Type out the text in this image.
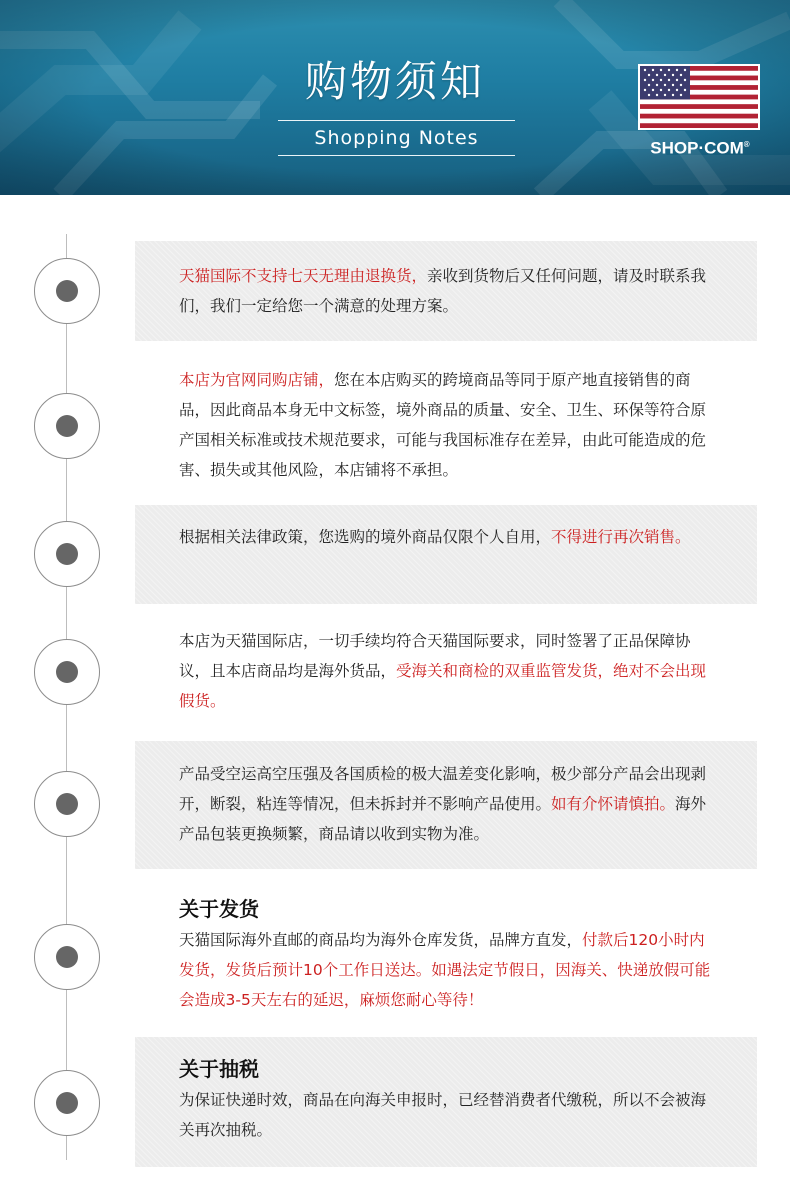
购物须知
Shopping Notes	SHOP·COM®

天猫国际不支持七天无理由退换货，亲收到货物后又任何问题，请及时联系我们，我们一定给您一个满意的处理方案。

本店为官网同购店铺，您在本店购买的跨境商品等同于原产地直接销售的商品，因此商品本身无中文标签，境外商品的质量、安全、卫生、环保等符合原产国相关标准或技术规范要求，可能与我国标准存在差异，由此可能造成的危害、损失或其他风险，本店铺将不承担。

根据相关法律政策，您选购的境外商品仅限个人自用，不得进行再次销售。

本店为天猫国际店，一切手续均符合天猫国际要求，同时签署了正品保障协议，且本店商品均是海外货品，受海关和商检的双重监管发货，绝对不会出现假货。

产品受空运高空压强及各国质检的极大温差变化影响，极少部分产品会出现剥开，断裂，粘连等情况，但未拆封并不影响产品使用。如有介怀请慎拍。海外产品包装更换频繁，商品请以收到实物为准。

关于发货

天猫国际海外直邮的商品均为海外仓库发货，品牌方直发，付款后120小时内发货，发货后预计10个工作日送达。如遇法定节假日，因海关、快递放假可能会造成3-5天左右的延迟，麻烦您耐心等待！

关于抽税

为保证快递时效，商品在向海关申报时，已经替消费者代缴税，所以不会被海关再次抽税。
